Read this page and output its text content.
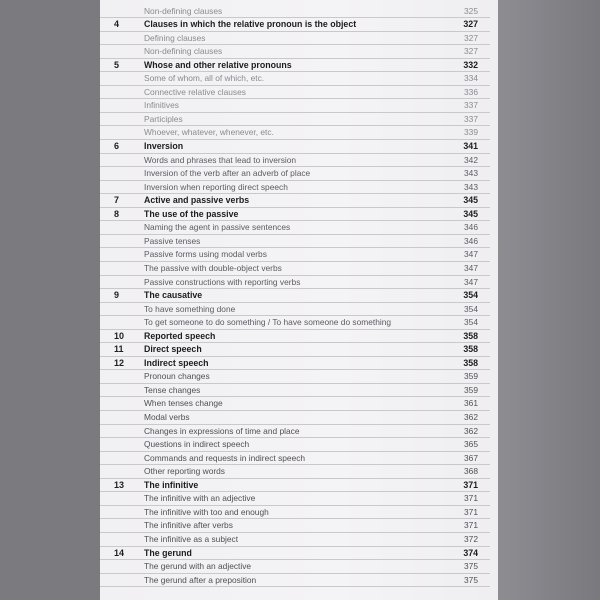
Non-defining clauses	325
4	Clauses in which the relative pronoun is the object	327
Defining clauses	327
Non-defining clauses	327
5	Whose and other relative pronouns	332
Some of whom, all of which, etc.	334
Connective relative clauses	336
Infinitives	337
Participles	337
Whoever, whatever, whenever, etc.	339
6	Inversion	341
Words and phrases that lead to inversion	342
Inversion of the verb after an adverb of place	343
Inversion when reporting direct speech	343
7	Active and passive verbs	345
8	The use of the passive	345
Naming the agent in passive sentences	346
Passive tenses	346
Passive forms using modal verbs	347
The passive with double-object verbs	347
Passive constructions with reporting verbs	347
9	The causative	354
To have something done	354
To get someone to do something / To have someone do something	354
10	Reported speech	358
11	Direct speech	358
12	Indirect speech	358
Pronoun changes	359
Tense changes	359
When tenses change	361
Modal verbs	362
Changes in expressions of time and place	362
Questions in indirect speech	365
Commands and requests in indirect speech	367
Other reporting words	368
13	The infinitive	371
The infinitive with an adjective	371
The infinitive with too and enough	371
The infinitive after verbs	371
The infinitive as a subject	372
14	The gerund	374
The gerund with an adjective	375
The gerund after a preposition	375
